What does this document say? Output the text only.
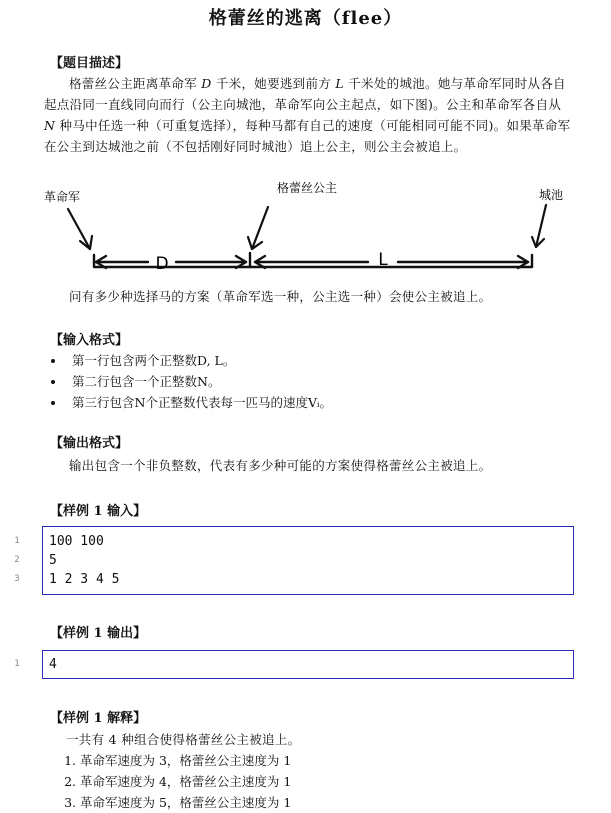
格蕾丝的逃离（flee）
【题目描述】
格蕾丝公主距离革命军 D 千米，她要逃到前方 L 千米处的城池。她与革命军同时从各自起点沿同一直线同向而行（公主向城池，革命军向公主起点，如下图)。公主和革命军各自从 N 种马中任选一种（可重复选择），每种马都有自己的速度（可能相同可能不同)。如果革命军在公主到达城池之前（不包括刚好同时城池）追上公主，则公主会被追上。
革命军
格蕾丝公主	城池
D	L
问有多少种选择马的方案（革命军选一种，公主选一种）会使公主被追上。
【输入格式】
• 第一行包含两个正整数D, L。
• 第二行包含一个正整数N。
• 第三行包含N个正整数代表每一匹马的速度Vᵢ。
【输出格式】
输出包含一个非负整数，代表有多少种可能的方案使得格蕾丝公主被追上。
【样例 1 输入】
1	100 100
2	5
3	1 2 3 4 5
【样例 1 输出】
1	4
【样例 1 解释】
一共有 4 种组合使得格蕾丝公主被追上。
1. 革命军速度为 3，格蕾丝公主速度为 1
2. 革命军速度为 4，格蕾丝公主速度为 1
3. 革命军速度为 5，格蕾丝公主速度为 1
